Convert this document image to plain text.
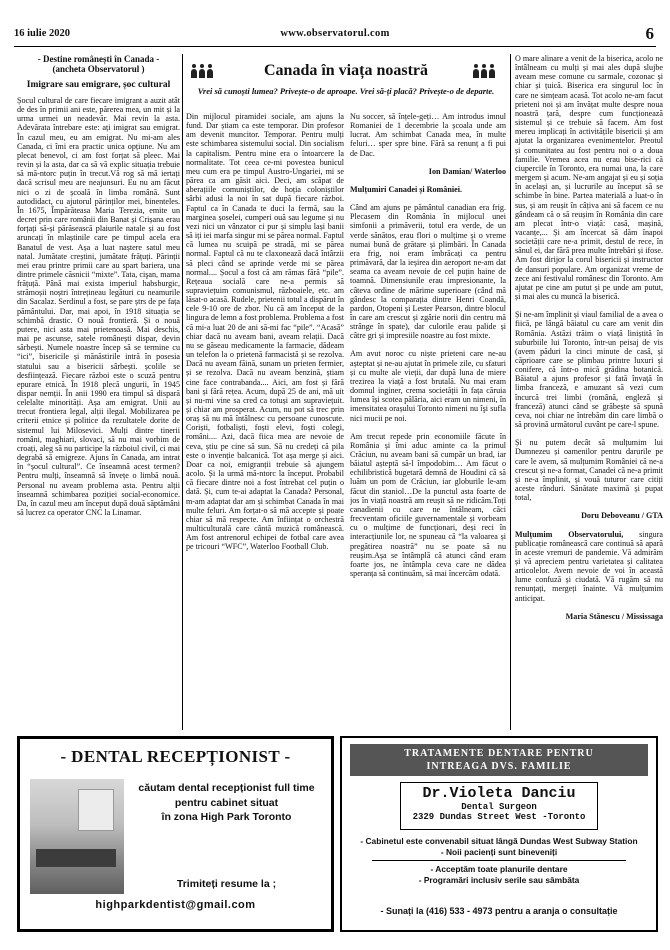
16 iulie 2020	www.observatorul.com	6
- Destine românești în Canada -
(ancheta Observatorul )
Imigrare sau emigrare, șoc cultural

Șocul cultural de care fiecare imigrant a auzit atât de des în primii ani este, părerea mea, un mit și la urma urmei un neadevăr. Mai revin la asta. Adevărata întrebare este: ați imigrat sau emigrat. În cazul meu, eu am emigrat. Nu mi-am ales Canada, ci îmi era practic unica opțiune. Nu am plecat benevol, ci am fost forțat să pleec. Mai revin și la asta, dar ca să vă explic situația trebuie să mă-ntorc puțin în trecut.Vă rog să mă iertați dacă scrisul meu are neajunsuri. Eu nu am făcut nici o zi de școală în limba română. Sunt autodidact, cu ajutorul părinților mei, binenteles. În 1675, Împărăteasa Maria Terezia, emite un decret prin care românii din Banat și Crișana erau forțați să-și părăsească plaiurile natale și au fost aruncați în mlaștinile care pe timpul acela era Banatul de vest. Așa a luat naștere satul meu natal. Jumătate creștini, jumătate frățuți. Părinții mei erau printre primii care au spart bariera, una dintre primele căsnicii “mixte”. Tata, cişan, mama frățuță. Până mai exista imperiul habsburgic, strămoșii noștri întrețineau legături cu neamurile din Sacalaz. Serdinul a fost, se pare ștrs de pe fața pământului. Dar, mai apoi, în 1918 situația se schimbă drastic. O nouă frontieră. Și o nouă putere, nici asta mai prietenoasă. Mai deschis, mai pe ascunse, satele românești dispar, devin sărbești. Numele noastre încep să se termine cu “ici”, bisericile și mănăstirile intră în posesia statului sau a bisericii sârbești. școlile se desființează. Fiecare război este o scuză pentru epurare etnică. În 1918 plecă ungurii, în 1945 dispar nemții. În anii 1990 era timpul să dispară celelalte minorități. Așa am emigrat. Unii au trecut frontiera legal, alții ilegal. Mobilizarea pe criterii etnice și politice da rezultatele dorite de sistemul lui Milosevici. Mulți dintre tinerii români, maghiari, slovaci, să nu mai vorbim de croați, aleg să nu participe la războiul civil, ci mai degrabă să emigreze. Ajuns în Canada, am intrat în “șocul cultural”. Ce înseamnă acest termen? Pentru mulți, înseamnă să învețe o limbă nouă. Personal nu aveam problema asta. Pentru alții înseamnă schimbarea poziției social-economice. Da, în cazul meu am început după două săptămâni să lucrez ca operator CNC la Linamar.

Canada în viața noastră
Vrei să cunoști lumea? Privește-o de aproape. Vrei să-ți placă? Privește-o de departe.

Din mijlocul piramidei sociale, am ajuns la fund. Dar știam ca este temporar. Din profesor am devenit muncitor. Temporar. Pentru mulți este schimbarea sistemului social. Din socialism la capitalism. Pentru mine era o întoarcere la normalitate. Tot ceea ce-mi povestea bunicul meu cum era pe timpul Austro-Ungariei, mi se părea ca am găsit aici. Deci, am scăpat de aberațiile comuniștilor, de hoția coloniștilor sârbi adusi la noi în sat după fiecare război. Faptul ca în Canada te duci la fermă, sau la marginea șoselei, cumperi ouă sau legume și nu vezi nici un vânzator ci pur și simplu lași banii să iți iei marfa singur mi se părea normal. Faptul că lumea nu scuipă pe stradă, mi se părea normal. Faptul că nu te claxonează dacă întârzii să pleci când se aprinde verde mi se părea normal.... Șocul a fost că am rămas fără “pile”. Rețeaua socială care ne-a permis să supraviețuim comunismul, războaiele, etc. am lăsat-o acasă. Rudele, prietenii totul a dispărut în cele 9-10 ore de zbor. Nu că am început de la lingura de lemn a fost problema. Problema a fost că mi-a luat 20 de ani să-mi fac “pile”. “Acasă” chiar dacă nu aveam bani, aveam relații. Dacă nu se găseau medicamente la farmacie, dădeam un telefon la o prietenă farmacistă și se rezolva. Dacă nu aveam făină, sunam un prieten fermier, și se rezolva. Dacă nu aveam benzină, știam cine face contrabanda.... Aici, am fost și fără bani și fără rețea. Acum, după 25 de ani, mă uit și nu-mi vine sa cred ca totuși am supraviețuit. și chiar am prosperat. Acum, nu pot să trec prin oraș să nu mă întâlnesc cu persoane cunoscute. Coriști, fotbaliști, foști elevi, foști colegi, români.... Azi, dacă fiica mea are nevoie de ceva, știu pe cine să sun. Să nu credeți că pila este o invenție balcanică. Tot așa merge și aici. Doar ca noi, emigranții trebuie să ajungem acolo. Și la urmă mă-ntorc la început. Probabil că fiecare dintre noi a fost întrebat cel puțin o dată. Și, cum te-ai adaptat la Canada? Personal, m-am adaptat dar am și schimbat Canada în mai multe feluri. Am forțat-o să mă accepte și poate chiar să mă respecte. Am înființat o orchestră multiculturală care cântă muzică românească. Am fost antrenorul echipei de fotbal care avea pe tricouri “WFC”, Waterloo Football Club.

Nu soccer, să înțele-geți… Am introdus imnul Romaniei de 1 decembrie la școala unde am lucrat. Am schimbat Canada mea, în multe feluri… sper spre bine. Fără sa renunț a fi pui de Dac.

Ion Damian/ Waterloo

Mulțumiri Canadei și României.

Când am ajuns pe pământul canadian era frig. Plecasem din România în mijlocul unei simfonii a primăverii, totul era verde, de un verde sănătos, erau flori o mulțime și o vreme numai bună de grătare și plimbări. În Canada era frig, noi eram îmbrăcați ca pentru primăvară, dar la ieșirea din aeroport ne-am dat seama ca aveam nevoie de cel puțin haine de toamnă. Dimensiunile erau impresionante, la câteva ordine de mărime superioare (când mă gândesc la comparația dintre Henri Coandă, pardon, Otopeni și Lester Pearson, dintre blocul în care am crescut și zgârie norii din centru mă strânge în spate), dar culorile erau palide și câtre gri și impresiile noastre au fost mixte.

Am avut noroc cu niște prieteni care ne-au așteptat și ne-au ajutat în primele zile, cu sfaturi și cu multe ale vieții, dar după luna de miere trezirea la viață a fost brutală. Nu mai eram domnul inginer, crema societății în fața căruia lumea își scotea pălăria, aici eram un nimeni, în imensitatea orașului Toronto nimeni nu îşi sufla nici mucii pe noi.

Am trecut repede prin economiile făcute în România și îmi aduc aminte ca la primul Crăciun, nu aveam bani să cumpăr un brad, iar băiatul așteptă să-l împodobim… Am făcut o echilibristică bugetară demnă de Houdini că să luăm un pom de Crăciun, iar globurile le-am făcut din staniol…De la punctul asta foarte de jos în viață noastră am reușit să ne ridicăm.Toți canadienii cu care ne întâlneam, căci frecventam oficiile guvernamentale și vorbeam cu o mulțime de funcționari, deși reci în interacțiunile lor, ne spuneau că “la valoarea și pregătirea noastră” nu se poate să nu reușim.Așa se întâmplă că atunci când eram foarte jos, ne întâmpla ceva care ne dădea speranța să continuăm, să mai încercăm odată.

O mare alinare a venit de la biserica, acolo ne întâlneam cu mulți și mai ales după slujbe aveam mese comune cu sarmale, cozonac și chiar și țuică. Biserica era singurul loc în care ne simțeam acasă. Tot acolo ne-am facut prieteni noi și am învățat multe despre noua noastră țară, despre cum funcționează sistemul și ce trebuie să facem. Am fost mereu implicați în activitățile bisericii și am ajutat la organizarea evenimentelor. Preotul și comunitatea au fost pentru noi o a doua familie. Vremea acea nu erau bise-rici că ciupercile în Toronto, era numai una, la care mergem și acum. Ne-am angajat și eu și soția în același an, și lucrurile au început să se schimbe în bine. Partea materială a luat-o în sus, și am reușit în câțiva ani să facem ce nu gândeam că o să reușim în România din care am plecat într-o viață: casă, mașină, vacanțe,... Și am încercat să dăm înapoi societății care ne-a primit, destul de rece, în sânul ei, dar fără prea multe întrebări și ifose. Am fost dirijor la corul bisericii și instructor de dansuri populare. Am organizat vreme de zece ani festivalul românesc din Toronto. Am ajutat pe cine am putut și pe unde am putut, și mai ales cu muncă la biserică.

Și ne-am împlinit și viaul familial de a avea o fiică, pe lângă băiatul cu care am venit din România. Astăzi trăim o viață liniștită în suburbiile lui Toronto, într-un peisaj de vis (avem păduri la cinci minute de casă, și căprioare care se plimbau printre luxuri și conifere, că într-o mică grădina botanică. Băiatul a ajuns profesor și fată învață în limba franceză, e amuzant să vezi cum încurcă trei limbi (română, engleză și franceză) atunci când se grăbește să spună ceva, noi chiar ne întrebăm din care limbă o să provină următorul cuvânt pe care-l spune.

Și nu putem decât să mulțumim lui Dumnezeu și oamenilor pentru darurile pe care le avem, să mulțumim României că ne-a crescut și ne-a format, Canadei că ne-a primit și ne-a împlinit, și vouă tuturor care citiți aceste rânduri. Sănătate maximă și pupat total,

Doru Deboveanu / GTA

Mulțumim Observatorului, singura publicație românească care continuă să apară în aceste vremuri de pandemie. Vă admirăm și vă apreciem pentru varietatea și calitatea articolelor. Avem nevoie de voi în această lume confuză și ciudată. Vă rugăm să nu renunțați, mergeți înainte. Vă mulțumim anticipat.

Maria Stănescu / Mississaga

- DENTAL RECEPȚIONIST -
căutam dental recepționist full time
pentru cabinet situat
în zona High Park Toronto
Trimiteți resume la ;
highparkdentist@gmail.com
TRATAMENTE DENTARE PENTRU
INTREAGA DVS. FAMILIE
Dr.Violeta Danciu
Dental Surgeon
2329 Dundas Street West -Toronto
- Cabinetul este convenabil situat lângă Dundas West Subway Station
- Noii pacienți sunt bineveniți
- Acceptăm toate planurile dentare
- Programări inclusiv serile sau sâmbăta
- Sunați la (416) 533 - 4973 pentru a aranja o consultație
